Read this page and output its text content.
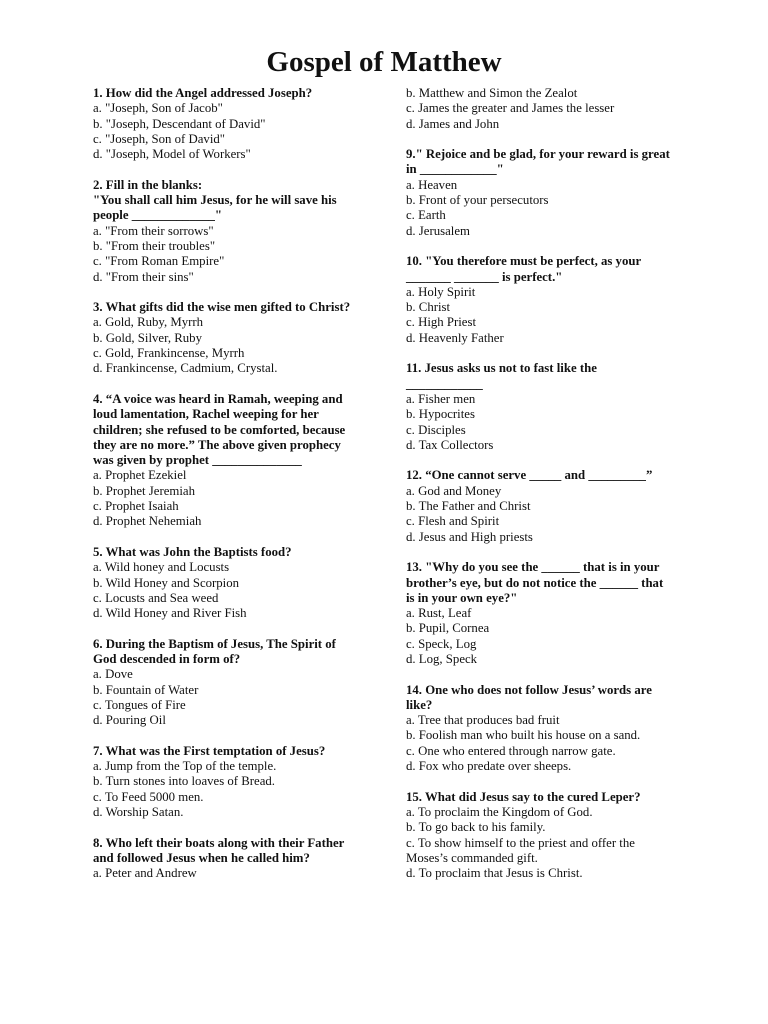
Gospel of Matthew
1. How did the Angel addressed Joseph?
a. "Joseph, Son of Jacob"
b. "Joseph, Descendant of David"
c. "Joseph, Son of David"
d. "Joseph, Model of Workers"
2. Fill in the blanks:
"You shall call him Jesus, for he will save his people _____________"
a. "From their sorrows"
b. "From their troubles"
c. "From Roman Empire"
d. "From their sins"
3. What gifts did the wise men gifted to Christ?
a. Gold, Ruby, Myrrh
b. Gold, Silver, Ruby
c. Gold, Frankincense, Myrrh
d. Frankincense, Cadmium, Crystal.
4. “A voice was heard in Ramah, weeping and loud lamentation, Rachel weeping for her children; she refused to be comforted, because they are no more.” The above given prophecy was given by prophet ______________
a. Prophet Ezekiel
b. Prophet Jeremiah
c. Prophet Isaiah
d. Prophet Nehemiah
5. What was John the Baptists food?
a. Wild honey and Locusts
b. Wild Honey and Scorpion
c. Locusts and Sea weed
d. Wild Honey and River Fish
6. During the Baptism of Jesus, The Spirit of God descended in form of?
a. Dove
b. Fountain of Water
c. Tongues of Fire
d. Pouring Oil
7. What was the First temptation of Jesus?
a. Jump from the Top of the temple.
b. Turn stones into loaves of Bread.
c. To Feed 5000 men.
d. Worship Satan.
8. Who left their boats along with their Father and followed Jesus when he called him?
a. Peter and Andrew
b. Matthew and Simon the Zealot
c. James the greater and James the lesser
d. James and John
9." Rejoice and be glad, for your reward is great in ____________"
a. Heaven
b. Front of your persecutors
c. Earth
d. Jerusalem
10. "You therefore must be perfect, as your _______ _______ is perfect."
a. Holy Spirit
b. Christ
c. High Priest
d. Heavenly Father
11. Jesus asks us not to fast like the ____________
a. Fisher men
b. Hypocrites
c. Disciples
d. Tax Collectors
12. “One cannot serve _____ and _________”
a. God and Money
b. The Father and Christ
c. Flesh and Spirit
d. Jesus and High priests
13. "Why do you see the ______ that is in your brother’s eye, but do not notice the ______ that is in your own eye?"
a. Rust, Leaf
b. Pupil, Cornea
c. Speck, Log
d. Log, Speck
14. One who does not follow Jesus’ words are like?
a. Tree that produces bad fruit
b. Foolish man who built his house on a sand.
c. One who entered through narrow gate.
d. Fox who predate over sheeps.
15. What did Jesus say to the cured Leper?
a. To proclaim the Kingdom of God.
b. To go back to his family.
c. To show himself to the priest and offer the Moses’s commanded gift.
d. To proclaim that Jesus is Christ.
